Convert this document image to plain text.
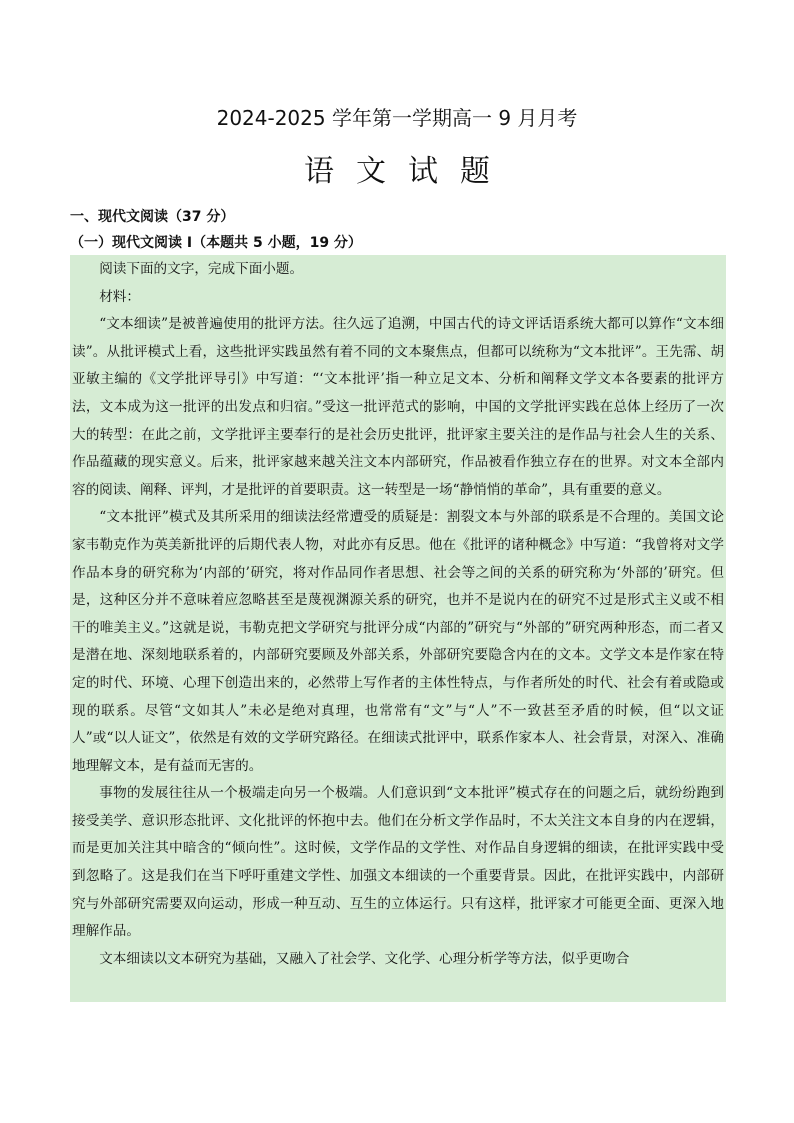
2024-2025 学年第一学期高一 9 月月考
语文试题
一、现代文阅读（37 分）
（一）现代文阅读 I（本题共 5 小题，19 分）

阅读下面的文字，完成下面小题。

材料：

“文本细读”是被普遍使用的批评方法。往久远了追溯，中国古代的诗文评话语系统大都可以算作“文本细读”。从批评模式上看，这些批评实践虽然有着不同的文本聚焦点，但都可以统称为“文本批评”。王先霈、胡亚敏主编的《文学批评导引》中写道：“‘文本批评’指一种立足文本、分析和阐释文学文本各要素的批评方法，文本成为这一批评的出发点和归宿。”受这一批评范式的影响，中国的文学批评实践在总体上经历了一次大的转型：在此之前，文学批评主要奉行的是社会历史批评，批评家主要关注的是作品与社会人生的关系、作品蕴藏的现实意义。后来，批评家越来越关注文本内部研究，作品被看作独立存在的世界。对文本全部内容的阅读、阐释、评判，才是批评的首要职责。这一转型是一场“静悄悄的革命”，具有重要的意义。

“文本批评”模式及其所采用的细读法经常遭受的质疑是：割裂文本与外部的联系是不合理的。美国文论家韦勒克作为英美新批评的后期代表人物，对此亦有反思。他在《批评的诸种概念》中写道：“我曾将对文学作品本身的研究称为‘内部的’研究，将对作品同作者思想、社会等之间的关系的研究称为‘外部的’研究。但是，这种区分并不意味着应忽略甚至是蔑视渊源关系的研究，也并不是说内在的研究不过是形式主义或不相干的唯美主义。”这就是说，韦勒克把文学研究与批评分成“内部的”研究与“外部的”研究两种形态，而二者又是潜在地、深刻地联系着的，内部研究要顾及外部关系，外部研究要隐含内在的文本。文学文本是作家在特定的时代、环境、心理下创造出来的，必然带上写作者的主体性特点，与作者所处的时代、社会有着或隐或现的联系。尽管“文如其人”未必是绝对真理，也常常有“文”与“人”不一致甚至矛盾的时候，但“以文证人”或“以人证文”，依然是有效的文学研究路径。在细读式批评中，联系作家本人、社会背景，对深入、准确地理解文本，是有益而无害的。

事物的发展往往从一个极端走向另一个极端。人们意识到“文本批评”模式存在的问题之后，就纷纷跑到接受美学、意识形态批评、文化批评的怀抱中去。他们在分析文学作品时，不太关注文本自身的内在逻辑，而是更加关注其中暗含的“倾向性”。这时候，文学作品的文学性、对作品自身逻辑的细读，在批评实践中受到忽略了。这是我们在当下呼吁重建文学性、加强文本细读的一个重要背景。因此，在批评实践中，内部研究与外部研究需要双向运动，形成一种互动、互生的立体运行。只有这样，批评家才可能更全面、更深入地理解作品。

文本细读以文本研究为基础，又融入了社会学、文化学、心理分析学等方法，似乎更吻合
